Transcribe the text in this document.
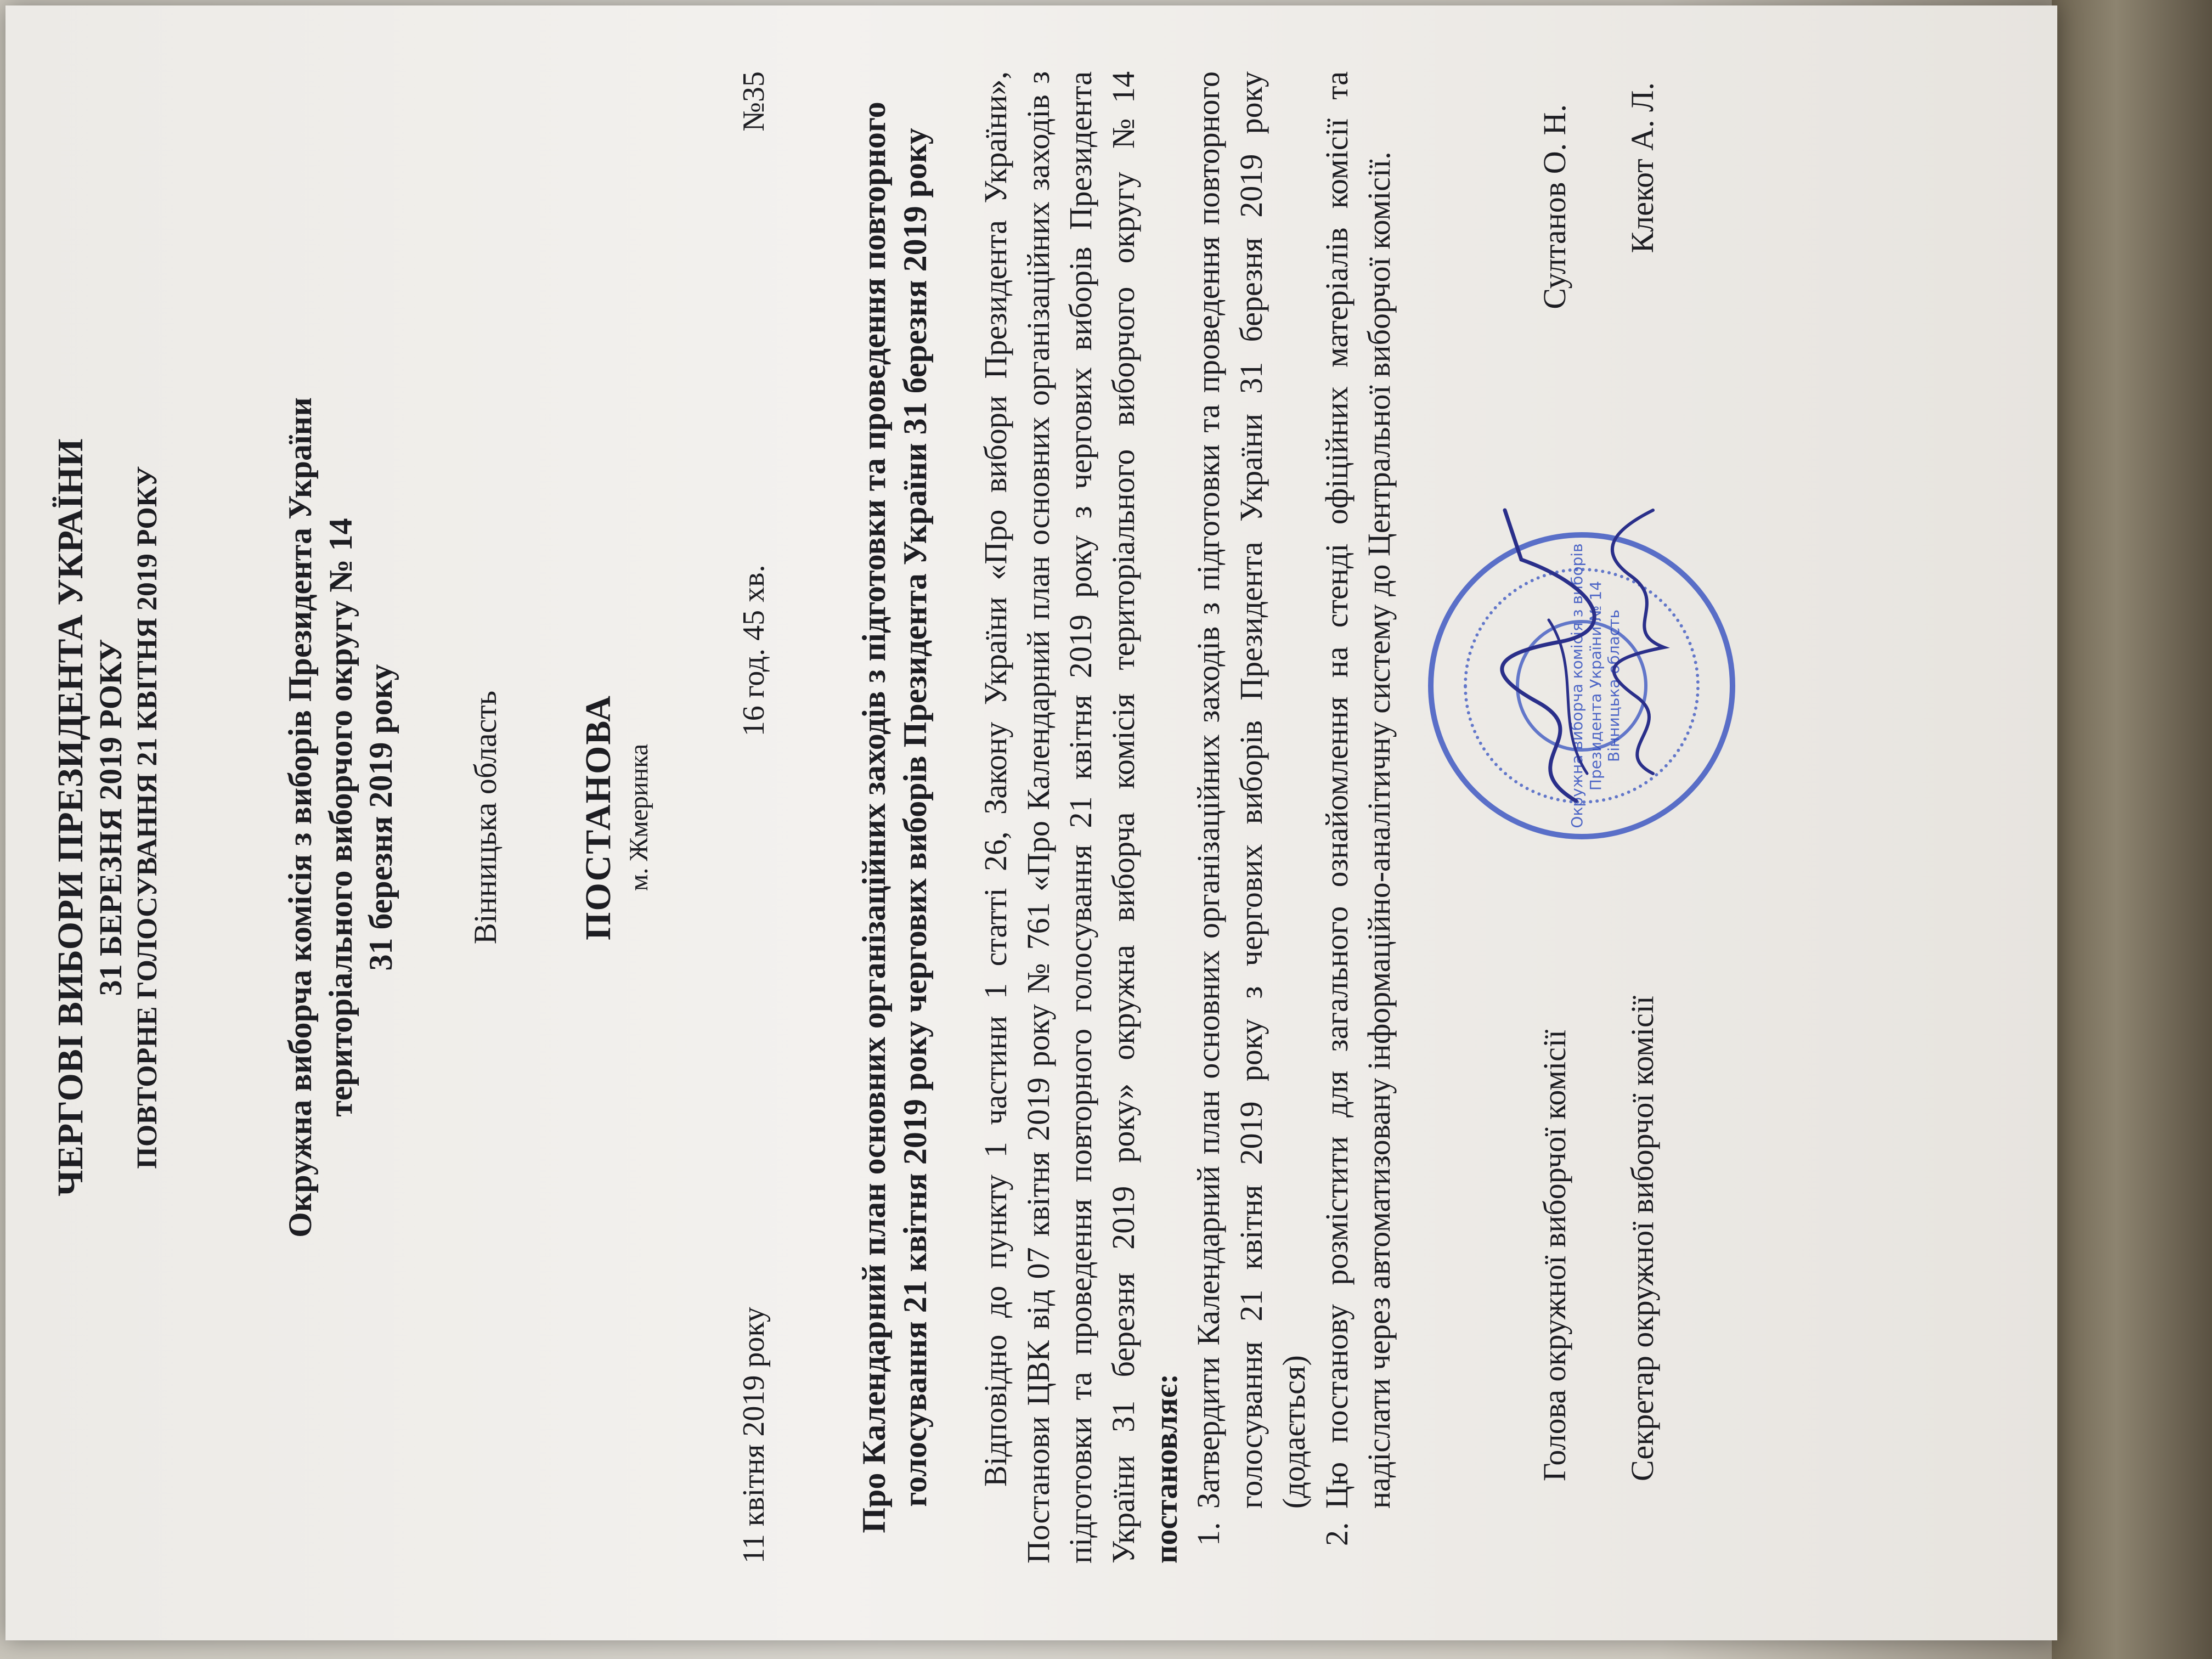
ЧЕРГОВІ ВИБОРИ ПРЕЗИДЕНТА УКРАЇНИ 31 БЕРЕЗНЯ 2019 РОКУ ПОВТОРНЕ ГОЛОСУВАННЯ 21 КВІТНЯ 2019 РОКУ	Окружна виборча комісія з виборів Президента України територіального виборчого округу № 14 31 березня 2019 року Вінницька область ПОСТАНОВА м. Жмеринка
11 квітня 2019 року
16 год. 45 хв.
№35
Про Календарний план основних організаційних заходів з підготовки та проведення повторного голосування 21 квітня 2019 року чергових виборів Президента України 31 березня 2019 року Відповідно до пункту 1 частини 1 статті 26, Закону України «Про вибори Президента України», Постанови ЦВК від 07 квітня 2019 року № 761 «Про Календарний план основних організаційних заходів з підготовки та проведення повторного голосування 21 квітня 2019 року з чергових виборів Президента України 31 березня 2019 року» окружна виборча комісія територіального виборчого округу №14 постановляє: 1. Затвердити Календарний план основних організаційних заходів з підготовки та проведення повторного голосування 21 квітня 2019 року з чергових виборів Президента України 31 березня 2019 року (додається) 2. Цю постанову розмістити для загального ознайомлення на стенді офіційних матеріалів комісії та надіслати через автоматизовану інформаційно-аналітичну систему до Центральної виборчої комісії.	Окружна виборча комісія з виборів Президента України № 14 Вінницька область
Голова окружної виборчої комісії
Султанов О. Н.
Секретар окружної виборчої комісії
Клекот А. Л.
